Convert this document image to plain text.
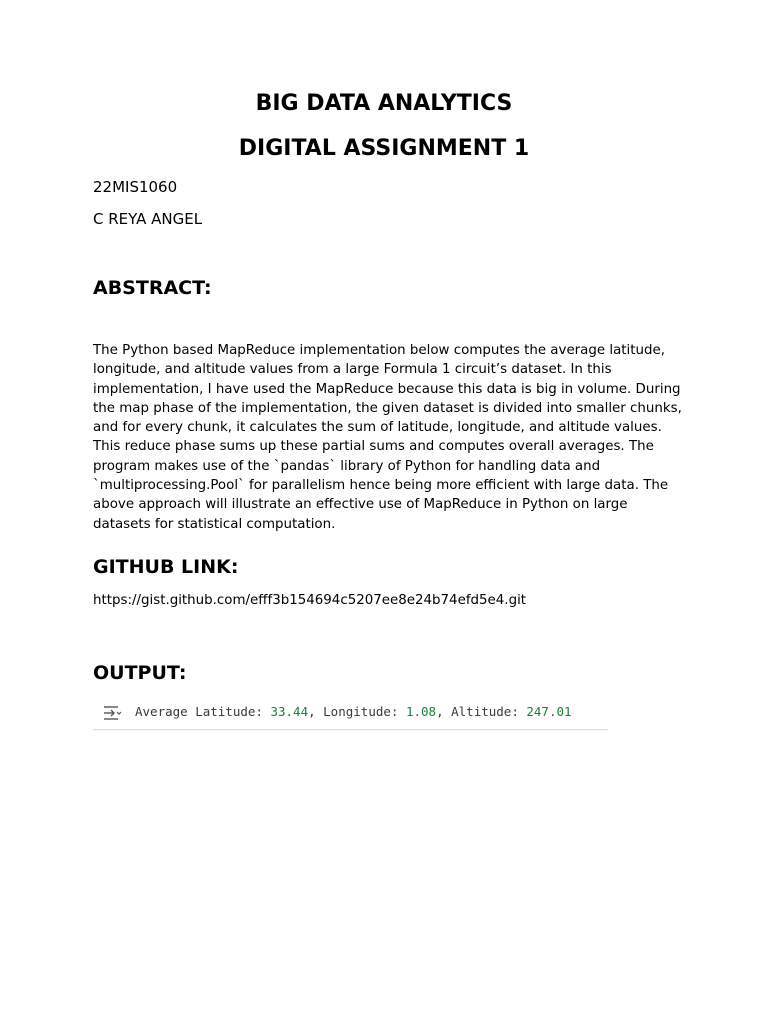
BIG DATA ANALYTICS
DIGITAL ASSIGNMENT 1

22MIS1060

C REYA ANGEL

ABSTRACT:

The Python based MapReduce implementation below computes the average latitude, longitude, and altitude values from a large Formula 1 circuit’s dataset. In this implementation, I have used the MapReduce because this data is big in volume. During the map phase of the implementation, the given dataset is divided into smaller chunks, and for every chunk, it calculates the sum of latitude, longitude, and altitude values. This reduce phase sums up these partial sums and computes overall averages. The program makes use of the `pandas` library of Python for handling data and `multiprocessing.Pool` for parallelism hence being more efficient with large data. The above approach will illustrate an effective use of MapReduce in Python on large datasets for statistical computation.

GITHUB LINK:
https://gist.github.com/efff3b154694c5207ee8e24b74efd5e4.git
OUTPUT:
Average Latitude: 33.44, Longitude: 1.08, Altitude: 247.01
